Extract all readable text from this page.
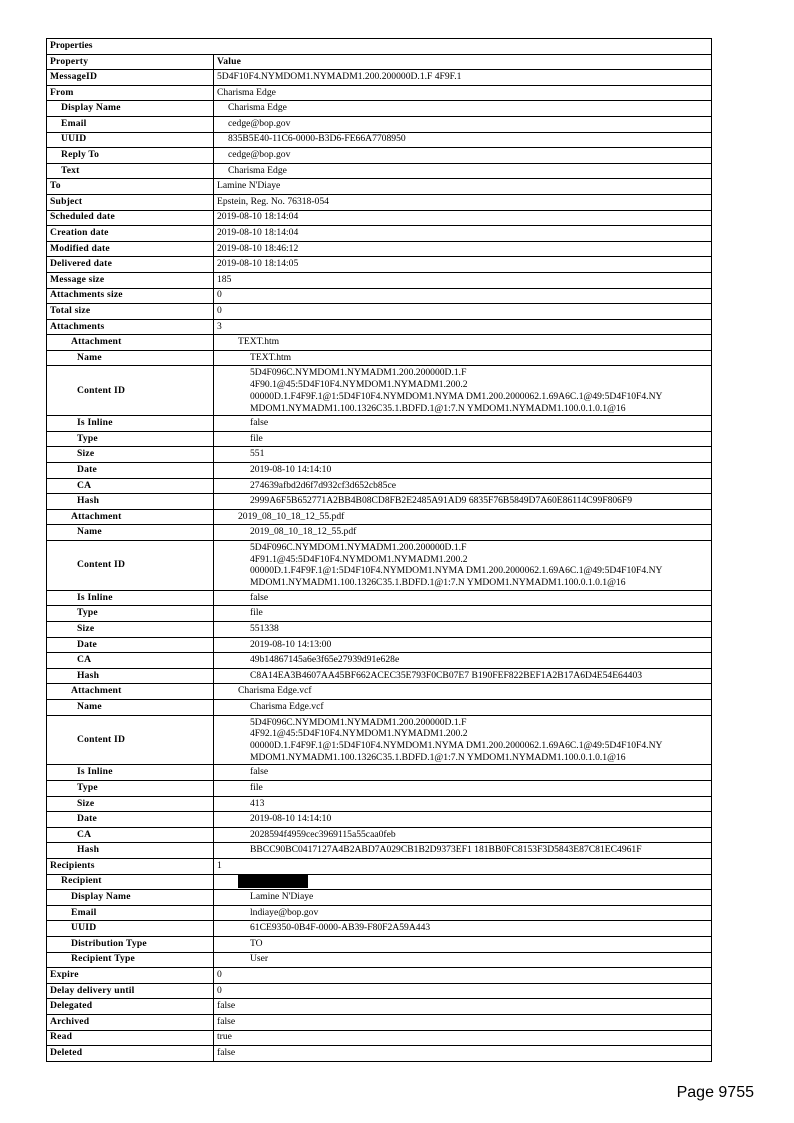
Properties	
Property	Value
MessageID	5D4F10F4.NYMDOM1.NYMADM1.200.200000D.1.F 4F9F.1
From	Charisma Edge
Display Name	Charisma Edge
Email	cedge@bop.gov
UUID	835B5E40-11C6-0000-B3D6-FE66A7708950
Reply To	cedge@bop.gov
Text	Charisma Edge
To	Lamine N'Diaye
Subject	Epstein, Reg. No. 76318-054
Scheduled date	2019-08-10 18:14:04
Creation date	2019-08-10 18:14:04
Modified date	2019-08-10 18:46:12
Delivered date	2019-08-10 18:14:05
Message size	185
Attachments size	0
Total size	0
Attachments	3
Attachment	TEXT.htm
Name	TEXT.htm
Content ID	5D4F096C.NYMDOM1.NYMADM1.200.200000D.1.F
4F90.1@45:5D4F10F4.NYMDOM1.NYMADM1.200.2
00000D.1.F4F9F.1@1:5D4F10F4.NYMDOM1.NYMA DM1.200.2000062.1.69A6C.1@49:5D4F10F4.NY
MDOM1.NYMADM1.100.1326C35.1.BDFD.1@1:7.N YMDOM1.NYMADM1.100.0.1.0.1@16

Is Inline	false
Type	file
Size	551
Date	2019-08-10 14:14:10
CA	274639afbd2d6f7d932cf3d652cb85ce
Hash	2999A6F5B652771A2BB4B08CD8FB2E2485A91AD9 6835F76B5849D7A60E86114C99F806F9
Attachment	2019_08_10_18_12_55.pdf
Name	2019_08_10_18_12_55.pdf
Content ID	5D4F096C.NYMDOM1.NYMADM1.200.200000D.1.F
4F91.1@45:5D4F10F4.NYMDOM1.NYMADM1.200.2
00000D.1.F4F9F.1@1:5D4F10F4.NYMDOM1.NYMA DM1.200.2000062.1.69A6C.1@49:5D4F10F4.NY
MDOM1.NYMADM1.100.1326C35.1.BDFD.1@1:7.N YMDOM1.NYMADM1.100.0.1.0.1@16

Is Inline	false
Type	file
Size	551338
Date	2019-08-10 14:13:00
CA	49b14867145a6e3f65e27939d91e628e
Hash	C8A14EA3B4607AA45BF662ACEC35E793F0CB07E7 B190FEF822BEF1A2B17A6D4E54E64403
Attachment	Charisma Edge.vcf
Name	Charisma Edge.vcf
Content ID	5D4F096C.NYMDOM1.NYMADM1.200.200000D.1.F
4F92.1@45:5D4F10F4.NYMDOM1.NYMADM1.200.2
00000D.1.F4F9F.1@1:5D4F10F4.NYMDOM1.NYMA DM1.200.2000062.1.69A6C.1@49:5D4F10F4.NY
MDOM1.NYMADM1.100.1326C35.1.BDFD.1@1:7.N YMDOM1.NYMADM1.100.0.1.0.1@16

Is Inline	false
Type	file
Size	413
Date	2019-08-10 14:14:10
CA	2028594f4959cec3969115a55caa0feb
Hash	BBCC90BC0417127A4B2ABD7A029CB1B2D9373EF1 181BB0FC8153F3D5843E87C81EC4961F
Recipients	1
Recipient	
Display Name	Lamine N'Diaye
Email	lndiaye@bop.gov
UUID	61CE9350-0B4F-0000-AB39-F80F2A59A443
Distribution Type	TO
Recipient Type	User
Expire	0
Delay delivery until	0
Delegated	false
Archived	false
Read	true
Deleted	false
Page 9755
